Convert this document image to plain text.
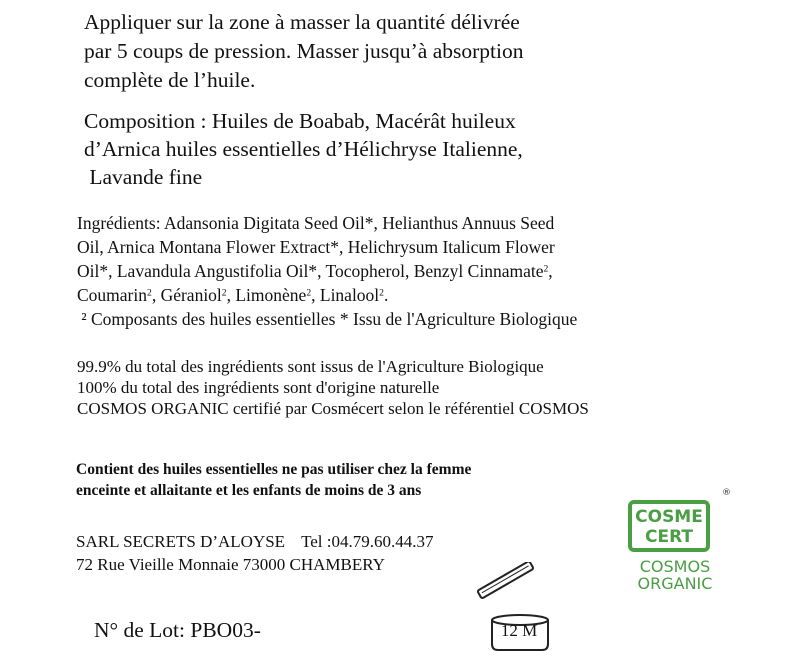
Appliquer sur la zone à masser la quantité délivrée
par 5 coups de pression. Masser jusqu’à absorption
complète de l’huile.
Composition : Huiles de Boabab, Macérât huileux
d’Arnica huiles essentielles d’Hélichryse Italienne,
Lavande fine
Ingrédients: Adansonia Digitata Seed Oil*, Helianthus Annuus Seed
Oil, Arnica Montana Flower Extract*, Helichrysum Italicum Flower
Oil*, Lavandula Angustifolia Oil*, Tocopherol, Benzyl Cinnamate$^2$,
Coumarin$^2$, Géraniol$^2$, Limonène$^2$, Linalool$^2$.
² Composants des huiles essentielles * Issu de l'Agriculture Biologique
99.9% du total des ingrédients sont issus de l'Agriculture Biologique
100% du total des ingrédients sont d'origine naturelle
COSMOS ORGANIC certifié par Cosmécert selon le référentiel COSMOS
Contient des huiles essentielles ne pas utiliser chez la femme
enceinte et allaitante et les enfants de moins de 3 ans
SARL SECRETS D’ALOYSE Tel :04.79.60.44.37
72 Rue Vieille Monnaie 73000 CHAMBERY
N° de Lot: PBO03-	12 M
COSME
CERT
®
COSMOS
ORGANIC
